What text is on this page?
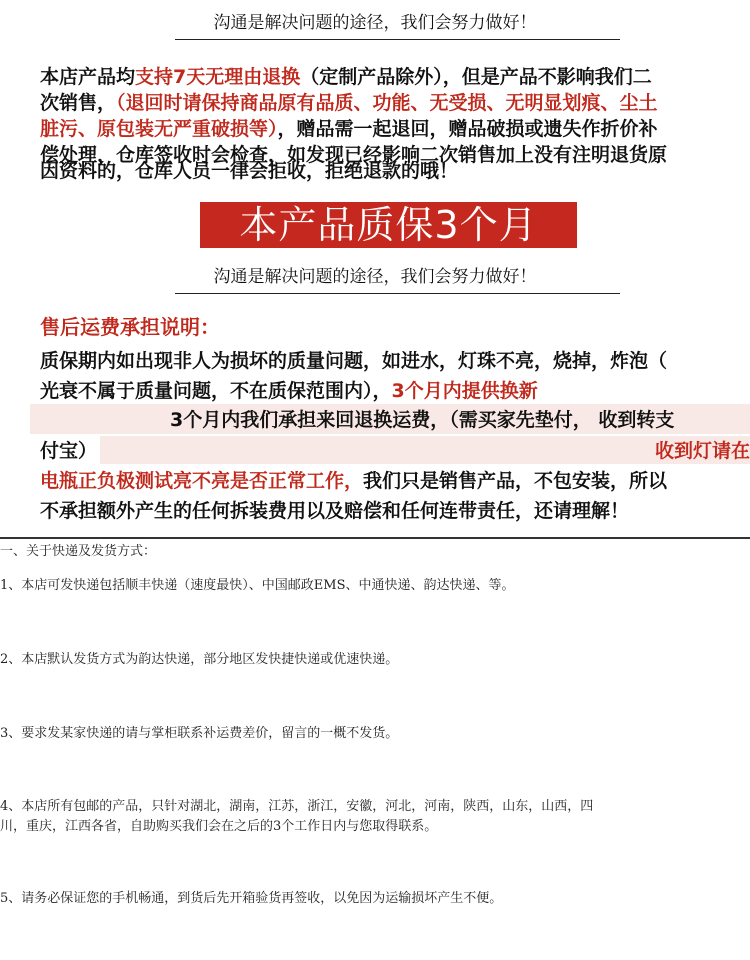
沟通是解决问题的途径，我们会努力做好！
本店产品均支持7天无理由退换（定制产品除外），但是产品不影响我们二
次销售，（退回时请保持商品原有品质、功能、无受损、无明显划痕、尘土
脏污、原包装无严重破损等），赠品需一起退回，赠品破损或遗失作折价补
偿处理，仓库签收时会检查，如发现已经影响二次销售加上没有注明退货原
因资料的，仓库人员一律会拒收，拒绝退款的哦！
本产品质保3个月
沟通是解决问题的途径，我们会努力做好！
售后运费承担说明：
质保期内如出现非人为损坏的质量问题，如进水，灯珠不亮，烧掉，炸泡（
光衰不属于质量问题，不在质保范围内），3个月内提供换新
3个月内我们承担来回退换运费，（需买家先垫付， 收到转支
付宝）	收到灯请在
电瓶正负极测试亮不亮是否正常工作，我们只是销售产品，不包安装，所以
不承担额外产生的任何拆装费用以及赔偿和任何连带责任，还请理解！
一、关于快递及发货方式：
1、本店可发快递包括顺丰快递（速度最快）、中国邮政EMS、中通快递、韵达快递、等。
2、本店默认发货方式为韵达快递，部分地区发快捷快递或优速快递。
3、要求发某家快递的请与掌柜联系补运费差价，留言的一概不发货。
4、本店所有包邮的产品，只针对湖北，湖南，江苏，浙江，安徽，河北，河南，陕西，山东，山西，四
川，重庆，江西各省，自助购买我们会在之后的3个工作日内与您取得联系。
5、请务必保证您的手机畅通，到货后先开箱验货再签收，以免因为运输损坏产生不便。
